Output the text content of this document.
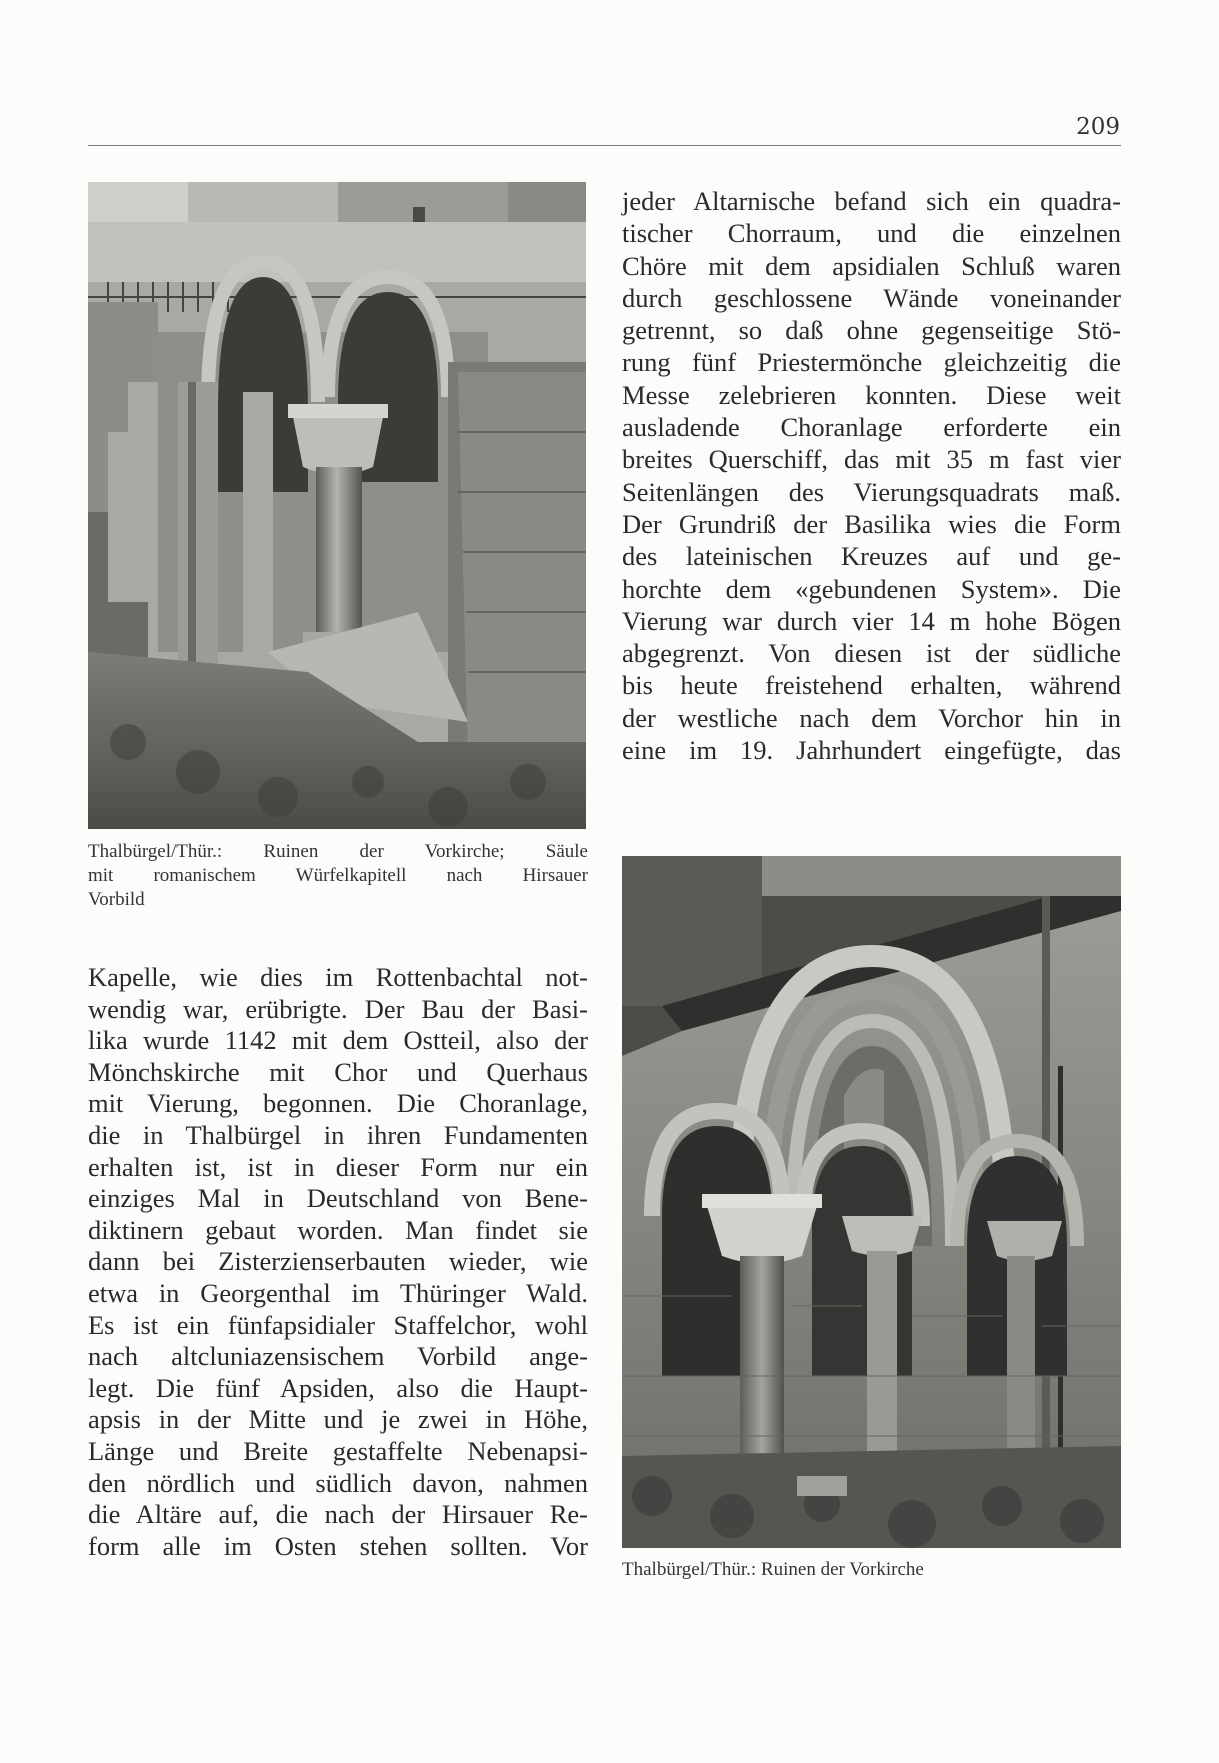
209
Thalbürgel/Thür.: Ruinen der Vorkirche; Säule
mit romanischem Würfelkapitell nach Hirsauer
Vorbild
jeder Altarnische befand sich ein quadra-
tischer Chorraum, und die einzelnen
Chöre mit dem apsidialen Schluß waren
durch geschlossene Wände voneinander
getrennt, so daß ohne gegenseitige Stö-
rung fünf Priestermönche gleichzeitig die
Messe zelebrieren konnten. Diese weit
ausladende Choranlage erforderte ein
breites Querschiff, das mit 35 m fast vier
Seitenlängen des Vierungsquadrats maß.
Der Grundriß der Basilika wies die Form
des lateinischen Kreuzes auf und ge-
horchte dem «gebundenen System». Die
Vierung war durch vier 14 m hohe Bögen
abgegrenzt. Von diesen ist der südliche
bis heute freistehend erhalten, während
der westliche nach dem Vorchor hin in
eine im 19. Jahrhundert eingefügte, das
Thalbürgel/Thür.: Ruinen der Vorkirche
Kapelle, wie dies im Rottenbachtal not-
wendig war, erübrigte. Der Bau der Basi-
lika wurde 1142 mit dem Ostteil, also der
Mönchskirche mit Chor und Querhaus
mit Vierung, begonnen. Die Choranlage,
die in Thalbürgel in ihren Fundamenten
erhalten ist, ist in dieser Form nur ein
einziges Mal in Deutschland von Bene-
diktinern gebaut worden. Man findet sie
dann bei Zisterzienserbauten wieder, wie
etwa in Georgenthal im Thüringer Wald.
Es ist ein fünfapsidialer Staffelchor, wohl
nach altcluniazensischem Vorbild ange-
legt. Die fünf Apsiden, also die Haupt-
apsis in der Mitte und je zwei in Höhe,
Länge und Breite gestaffelte Nebenapsi-
den nördlich und südlich davon, nahmen
die Altäre auf, die nach der Hirsauer Re-
form alle im Osten stehen sollten. Vor
